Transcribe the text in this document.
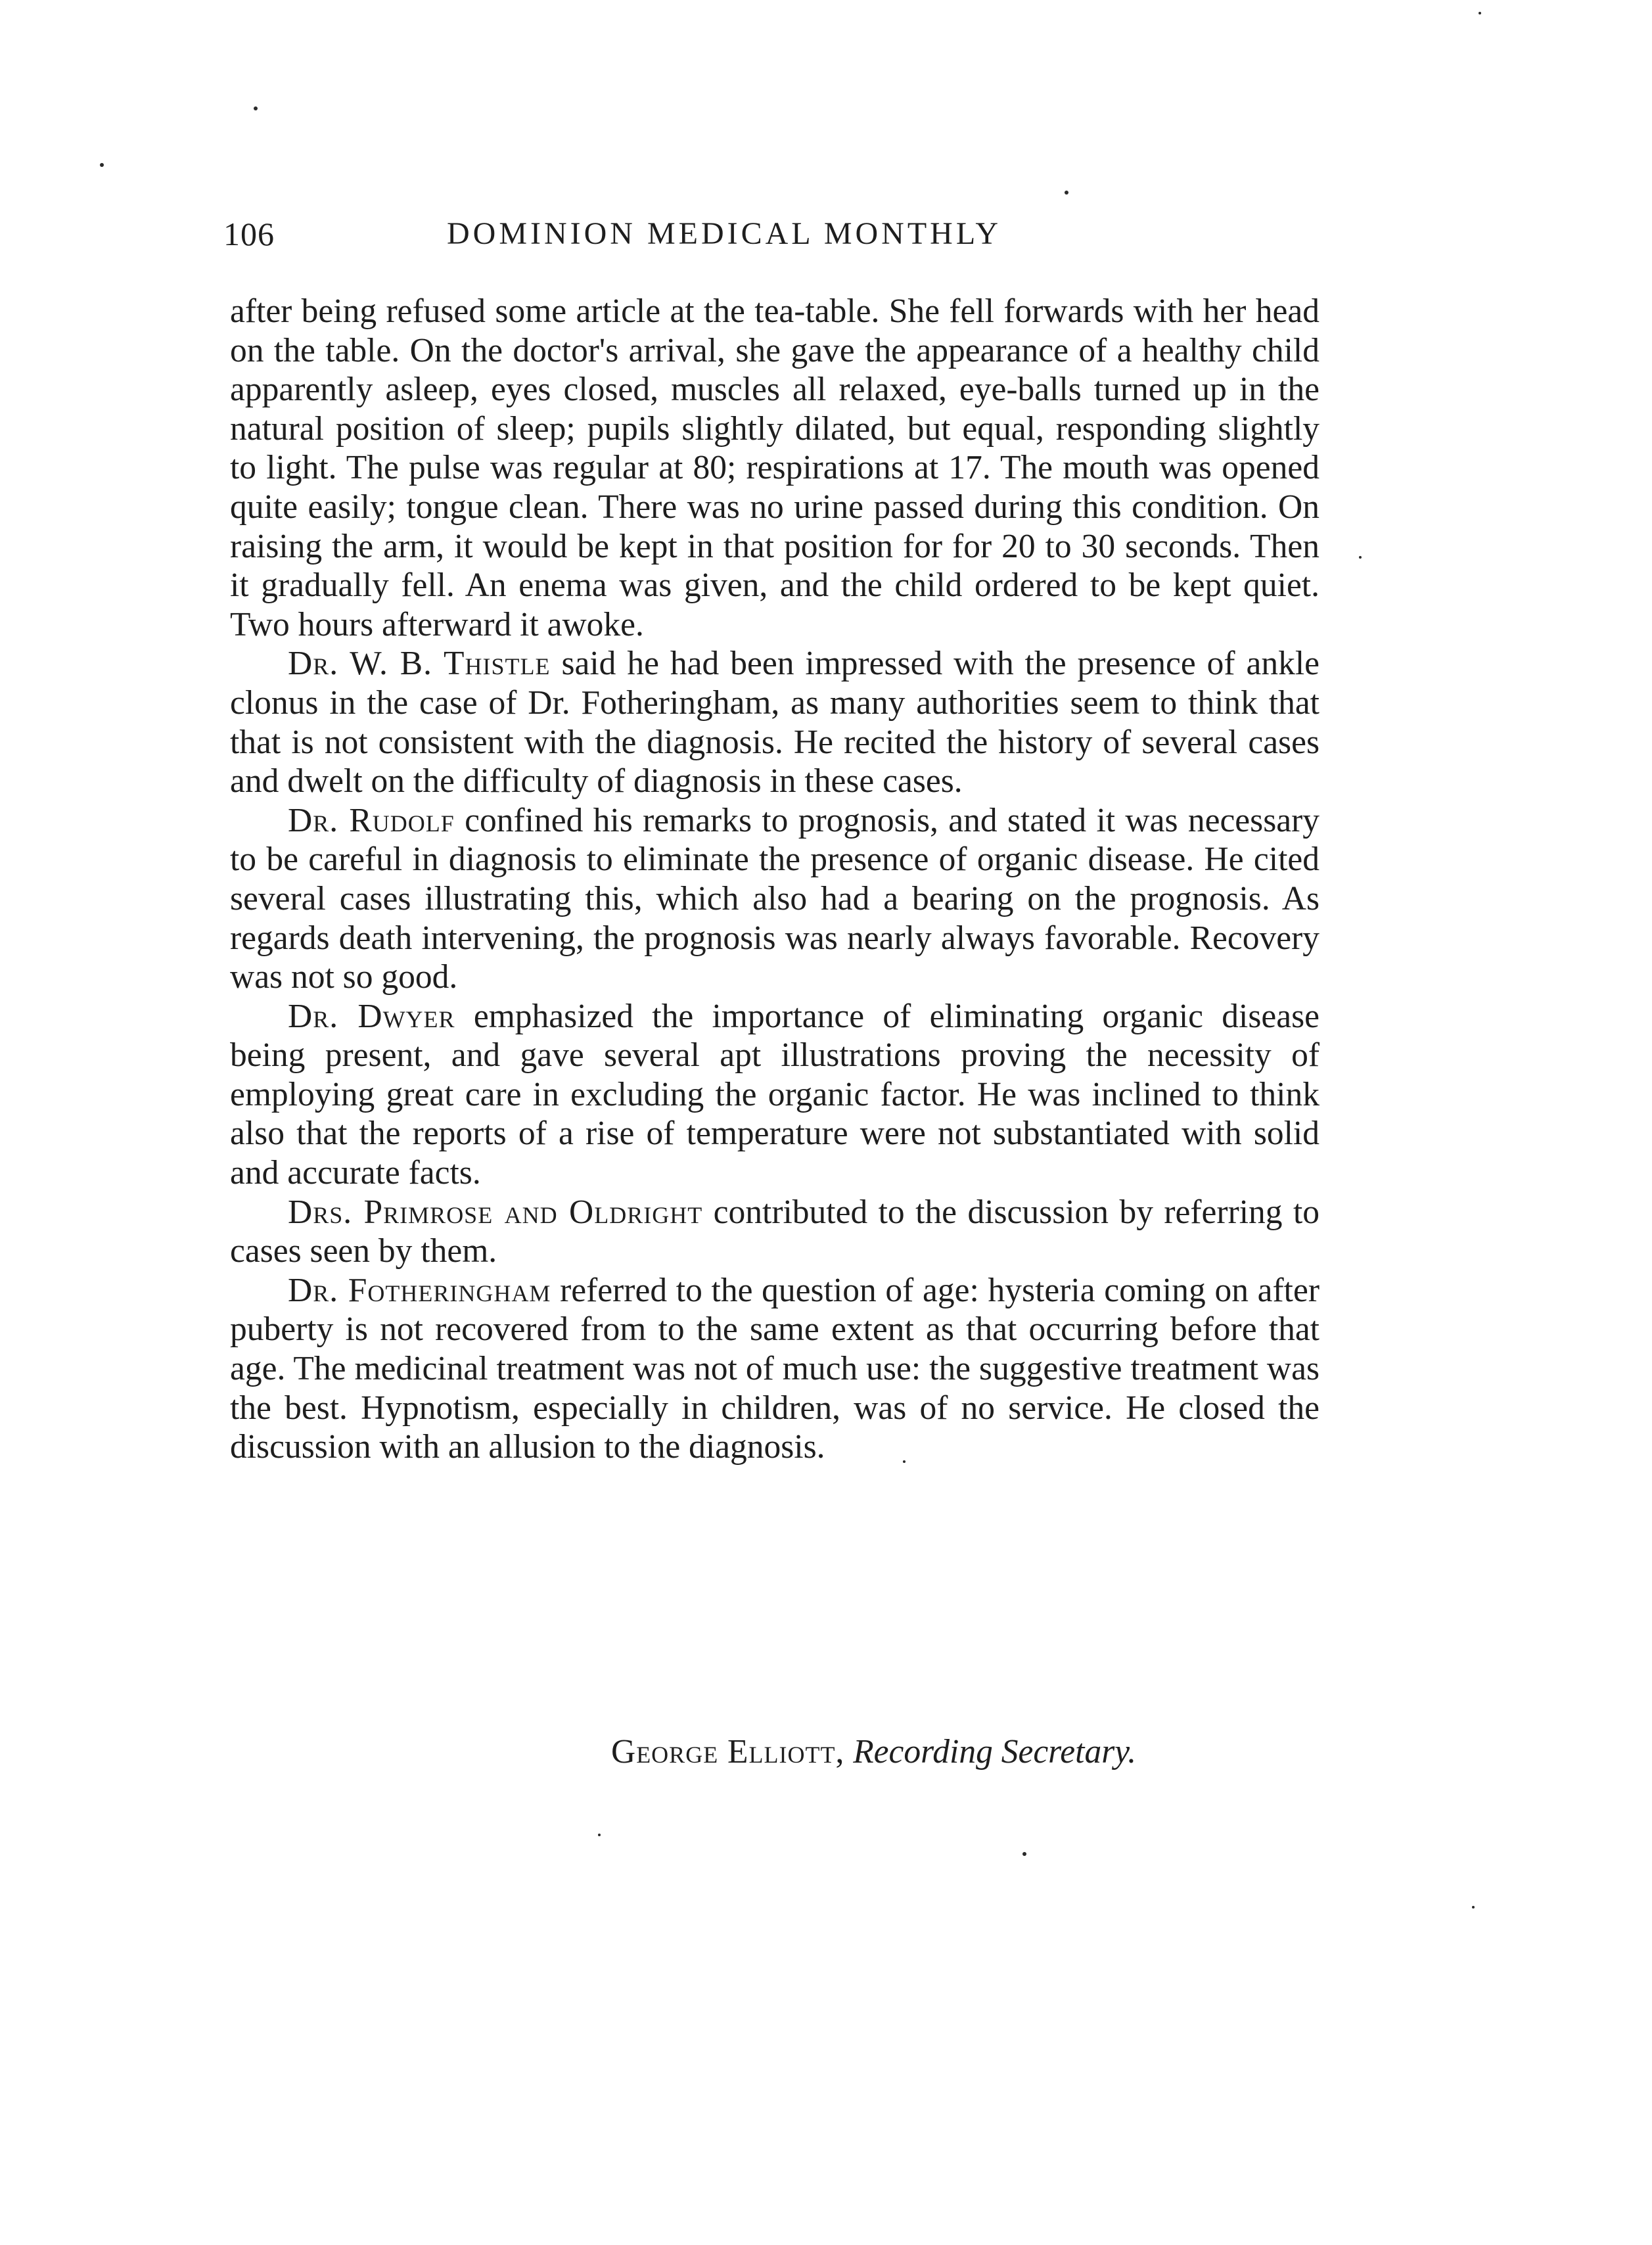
106	DOMINION MEDICAL MONTHLY

after being refused some article at the tea-table. She fell forwards with her head on the table. On the doctor's arrival, she gave the appearance of a healthy child apparently asleep, eyes closed, muscles all relaxed, eye-balls turned up in the natural position of sleep; pupils slightly dilated, but equal, responding slightly to light. The pulse was regular at 80; respirations at 17. The mouth was opened quite easily; tongue clean. There was no urine passed during this condition. On raising the arm, it would be kept in that position for for 20 to 30 seconds. Then it gradually fell. An enema was given, and the child ordered to be kept quiet. Two hours afterward it awoke.

Dr. W. B. Thistle said he had been impressed with the presence of ankle clonus in the case of Dr. Fotheringham, as many authorities seem to think that that is not consistent with the diagnosis. He recited the history of several cases and dwelt on the difficulty of diagnosis in these cases.

Dr. Rudolf confined his remarks to prognosis, and stated it was necessary to be careful in diagnosis to eliminate the presence of organic disease. He cited several cases illustrating this, which also had a bearing on the prognosis. As regards death intervening, the prognosis was nearly always favorable. Recovery was not so good.

Dr. Dwyer emphasized the importance of eliminating organic disease being present, and gave several apt illustrations proving the necessity of employing great care in excluding the organic factor. He was inclined to think also that the reports of a rise of temperature were not substantiated with solid and accurate facts.

Drs. Primrose and Oldright contributed to the discussion by referring to cases seen by them.

Dr. Fotheringham referred to the question of age: hysteria coming on after puberty is not recovered from to the same extent as that occurring before that age. The medicinal treatment was not of much use: the suggestive treatment was the best. Hypnotism, especially in children, was of no service. He closed the discussion with an allusion to the diagnosis.

George Elliott, Recording Secretary.
